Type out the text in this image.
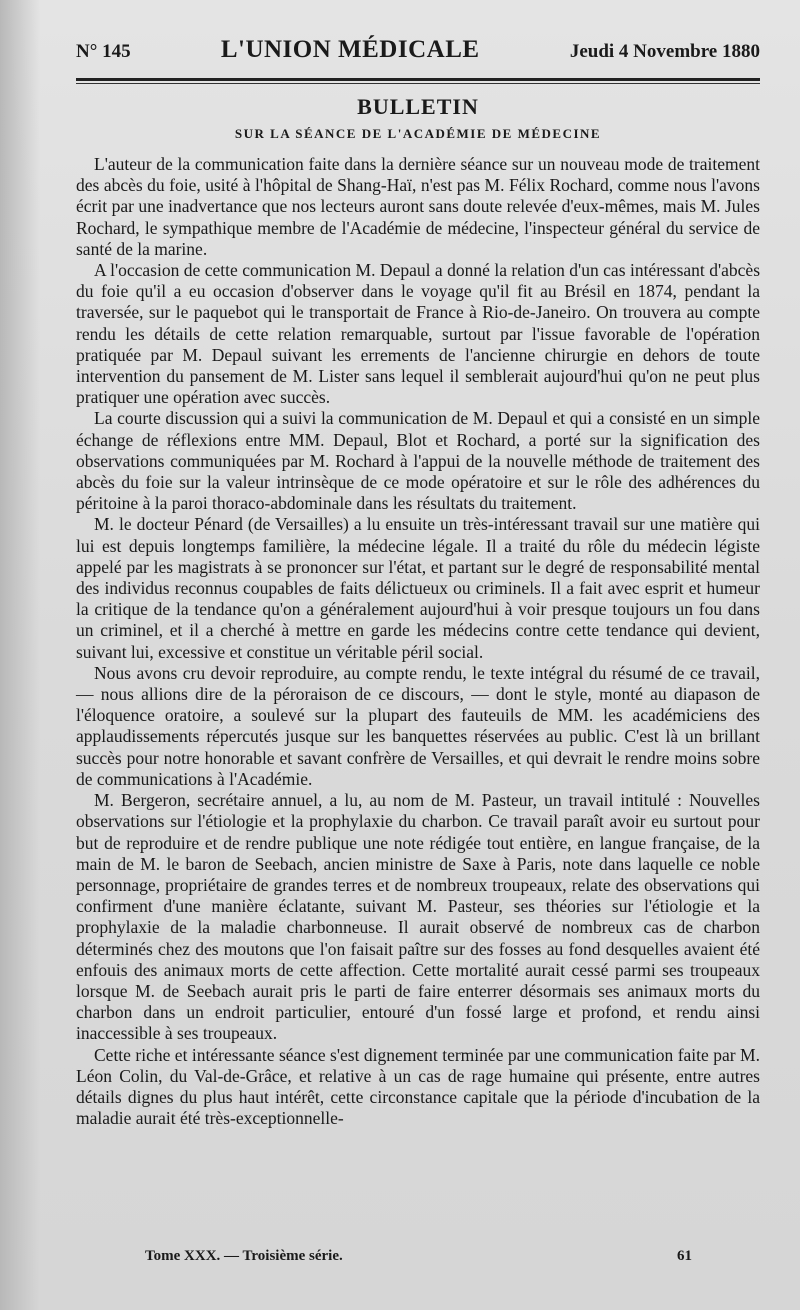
N° 145	L'UNION MÉDICALE	Jeudi 4 Novembre 1880
BULLETIN
SUR LA SÉANCE DE L'ACADÉMIE DE MÉDECINE

L'auteur de la communication faite dans la dernière séance sur un nouveau mode de traitement des abcès du foie, usité à l'hôpital de Shang-Haï, n'est pas M. Félix Rochard, comme nous l'avons écrit par une inadvertance que nos lecteurs auront sans doute relevée d'eux-mêmes, mais M. Jules Rochard, le sympathique membre de l'Académie de médecine, l'inspecteur général du service de santé de la marine.

A l'occasion de cette communication M. Depaul a donné la relation d'un cas intéressant d'abcès du foie qu'il a eu occasion d'observer dans le voyage qu'il fit au Brésil en 1874, pendant la traversée, sur le paquebot qui le transportait de France à Rio-de-Janeiro. On trouvera au compte rendu les détails de cette relation remarquable, surtout par l'issue favorable de l'opération pratiquée par M. Depaul suivant les errements de l'ancienne chirurgie en dehors de toute intervention du pansement de M. Lister sans lequel il semblerait aujourd'hui qu'on ne peut plus pratiquer une opération avec succès.

La courte discussion qui a suivi la communication de M. Depaul et qui a consisté en un simple échange de réflexions entre MM. Depaul, Blot et Rochard, a porté sur la signification des observations communiquées par M. Rochard à l'appui de la nouvelle méthode de traitement des abcès du foie sur la valeur intrinsèque de ce mode opératoire et sur le rôle des adhérences du péritoine à la paroi thoraco-abdominale dans les résultats du traitement.

M. le docteur Pénard (de Versailles) a lu ensuite un très-intéressant travail sur une matière qui lui est depuis longtemps familière, la médecine légale. Il a traité du rôle du médecin légiste appelé par les magistrats à se prononcer sur l'état, et partant sur le degré de responsabilité mental des individus reconnus coupables de faits délictueux ou criminels. Il a fait avec esprit et humeur la critique de la tendance qu'on a généralement aujourd'hui à voir presque toujours un fou dans un criminel, et il a cherché à mettre en garde les médecins contre cette tendance qui devient, suivant lui, excessive et constitue un véritable péril social.

Nous avons cru devoir reproduire, au compte rendu, le texte intégral du résumé de ce travail, — nous allions dire de la péroraison de ce discours, — dont le style, monté au diapason de l'éloquence oratoire, a soulevé sur la plupart des fauteuils de MM. les académiciens des applaudissements répercutés jusque sur les banquettes réservées au public. C'est là un brillant succès pour notre honorable et savant confrère de Versailles, et qui devrait le rendre moins sobre de communications à l'Académie.

M. Bergeron, secrétaire annuel, a lu, au nom de M. Pasteur, un travail intitulé : Nouvelles observations sur l'étiologie et la prophylaxie du charbon. Ce travail paraît avoir eu surtout pour but de reproduire et de rendre publique une note rédigée tout entière, en langue française, de la main de M. le baron de Seebach, ancien ministre de Saxe à Paris, note dans laquelle ce noble personnage, propriétaire de grandes terres et de nombreux troupeaux, relate des observations qui confirment d'une manière éclatante, suivant M. Pasteur, ses théories sur l'étiologie et la prophylaxie de la maladie charbonneuse. Il aurait observé de nombreux cas de charbon déterminés chez des moutons que l'on faisait paître sur des fosses au fond desquelles avaient été enfouis des animaux morts de cette affection. Cette mortalité aurait cessé parmi ses troupeaux lorsque M. de Seebach aurait pris le parti de faire enterrer désormais ses animaux morts du charbon dans un endroit particulier, entouré d'un fossé large et profond, et rendu ainsi inaccessible à ses troupeaux.

Cette riche et intéressante séance s'est dignement terminée par une communication faite par M. Léon Colin, du Val-de-Grâce, et relative à un cas de rage humaine qui présente, entre autres détails dignes du plus haut intérêt, cette circonstance capitale que la période d'incubation de la maladie aurait été très-exceptionnelle-

Tome XXX. — Troisième série.	61
